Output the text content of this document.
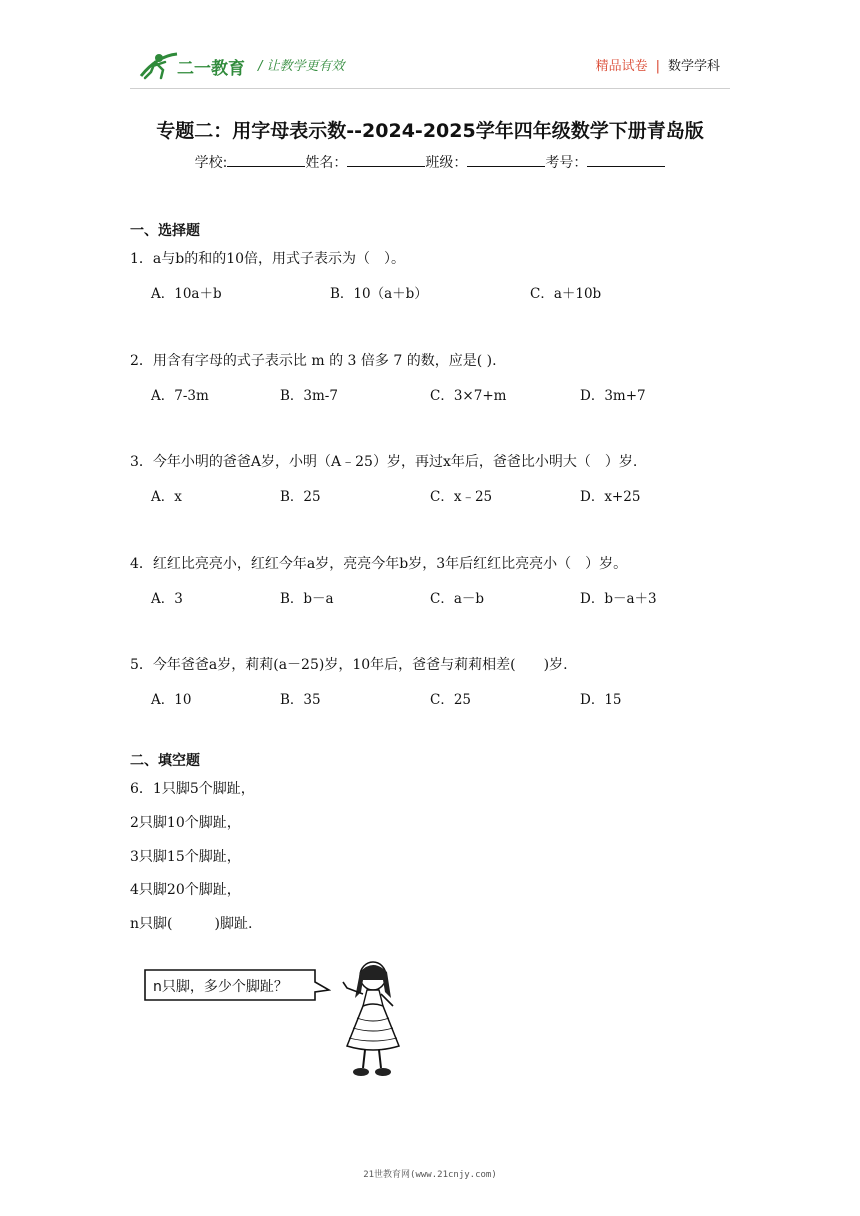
二一教育 / 让教学更有效	精品试卷 | 数学学科
专题二：用字母表示数--2024-2025学年四年级数学下册青岛版
学校:	姓名：	班级：	考号：
一、选择题
1．a与b的和的10倍，用式子表示为（　）。
A．10a＋b	B．10（a＋b）	C．a＋10b
2．用含有字母的式子表示比 m 的 3 倍多 7 的数，应是( ).
A．7-3m	B．3m-7	C．3×7+m	D．3m+7
3．今年小明的爸爸A岁，小明（A﹣25）岁，再过x年后，爸爸比小明大（　）岁.
A．x	B．25	C．x﹣25	D．x+25
4．红红比亮亮小，红红今年a岁，亮亮今年b岁，3年后红红比亮亮小（　）岁。
A．3	B．b－a	C．a－b	D．b－a＋3
5．今年爸爸a岁，莉莉(a－25)岁，10年后，爸爸与莉莉相差(　　)岁.
A．10	B．35	C．25	D．15
二、填空题
6．1只脚5个脚趾，
2只脚10个脚趾，
3只脚15个脚趾，
4只脚20个脚趾，
n只脚(　　　)脚趾.
n只脚，多少个脚趾？
21世教育网(www.21cnjy.com)
